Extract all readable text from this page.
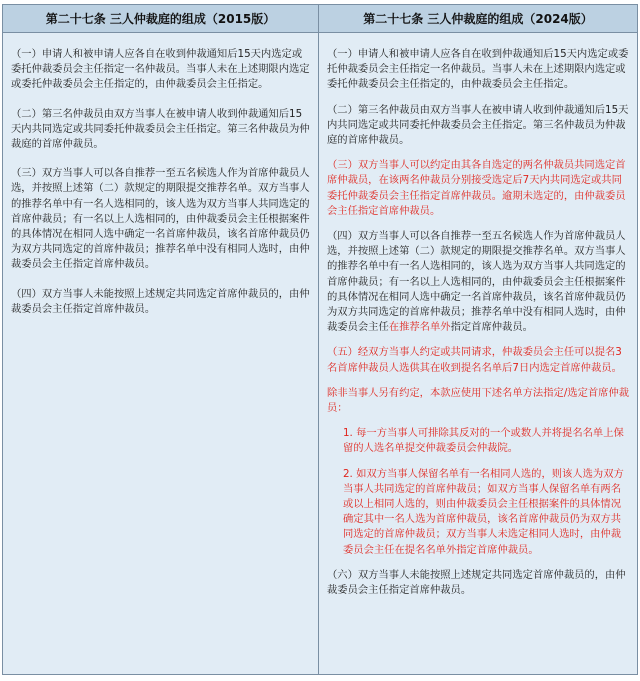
第二十七条 三人仲裁庭的组成（2015版）	第二十七条 三人仲裁庭的组成（2024版）

（一）申请人和被申请人应各自在收到仲裁通知后15天内选定或委托仲裁委员会主任指定一名仲裁员。当事人未在上述期限内选定或委托仲裁委员会主任指定的，由仲裁委员会主任指定。

（二）第三名仲裁员由双方当事人在被申请人收到仲裁通知后15天内共同选定或共同委托仲裁委员会主任指定。第三名仲裁员为仲裁庭的首席仲裁员。

（三）双方当事人可以各自推荐一至五名候选人作为首席仲裁员人选，并按照上述第（二）款规定的期限提交推荐名单。双方当事人的推荐名单中有一名人选相同的，该人选为双方当事人共同选定的首席仲裁员；有一名以上人选相同的，由仲裁委员会主任根据案件的具体情况在相同人选中确定一名首席仲裁员，该名首席仲裁员仍为双方共同选定的首席仲裁员；推荐名单中没有相同人选时，由仲裁委员会主任指定首席仲裁员。

（四）双方当事人未能按照上述规定共同选定首席仲裁员的，由仲裁委员会主任指定首席仲裁员。

（一）申请人和被申请人应各自在收到仲裁通知后15天内选定或委托仲裁委员会主任指定一名仲裁员。当事人未在上述期限内选定或委托仲裁委员会主任指定的，由仲裁委员会主任指定。

（二）第三名仲裁员由双方当事人在被申请人收到仲裁通知后15天内共同选定或共同委托仲裁委员会主任指定。第三名仲裁员为仲裁庭的首席仲裁员。

（三）双方当事人可以约定由其各自选定的两名仲裁员共同选定首席仲裁员，在该两名仲裁员分别接受选定后7天内共同选定或共同委托仲裁委员会主任指定首席仲裁员。逾期未选定的，由仲裁委员会主任指定首席仲裁员。

（四）双方当事人可以各自推荐一至五名候选人作为首席仲裁员人选，并按照上述第（二）款规定的期限提交推荐名单。双方当事人的推荐名单中有一名人选相同的，该人选为双方当事人共同选定的首席仲裁员；有一名以上人选相同的，由仲裁委员会主任根据案件的具体情况在相同人选中确定一名首席仲裁员，该名首席仲裁员仍为双方共同选定的首席仲裁员；推荐名单中没有相同人选时，由仲裁委员会主任在推荐名单外指定首席仲裁员。

（五）经双方当事人约定或共同请求，仲裁委员会主任可以提名3名首席仲裁员人选供其在收到提名名单后7日内选定首席仲裁员。

除非当事人另有约定，本款应使用下述名单方法指定/选定首席仲裁员：

1. 每一方当事人可排除其反对的一个或数人并将提名名单上保留的人选名单提交仲裁委员会仲裁院。

2. 如双方当事人保留名单有一名相同人选的，则该人选为双方当事人共同选定的首席仲裁员；如双方当事人保留名单有两名或以上相同人选的，则由仲裁委员会主任根据案件的具体情况确定其中一名人选为首席仲裁员，该名首席仲裁员仍为双方共同选定的首席仲裁员；双方当事人未选定相同人选时，由仲裁委员会主任在提名名单外指定首席仲裁员。

（六）双方当事人未能按照上述规定共同选定首席仲裁员的，由仲裁委员会主任指定首席仲裁员。
